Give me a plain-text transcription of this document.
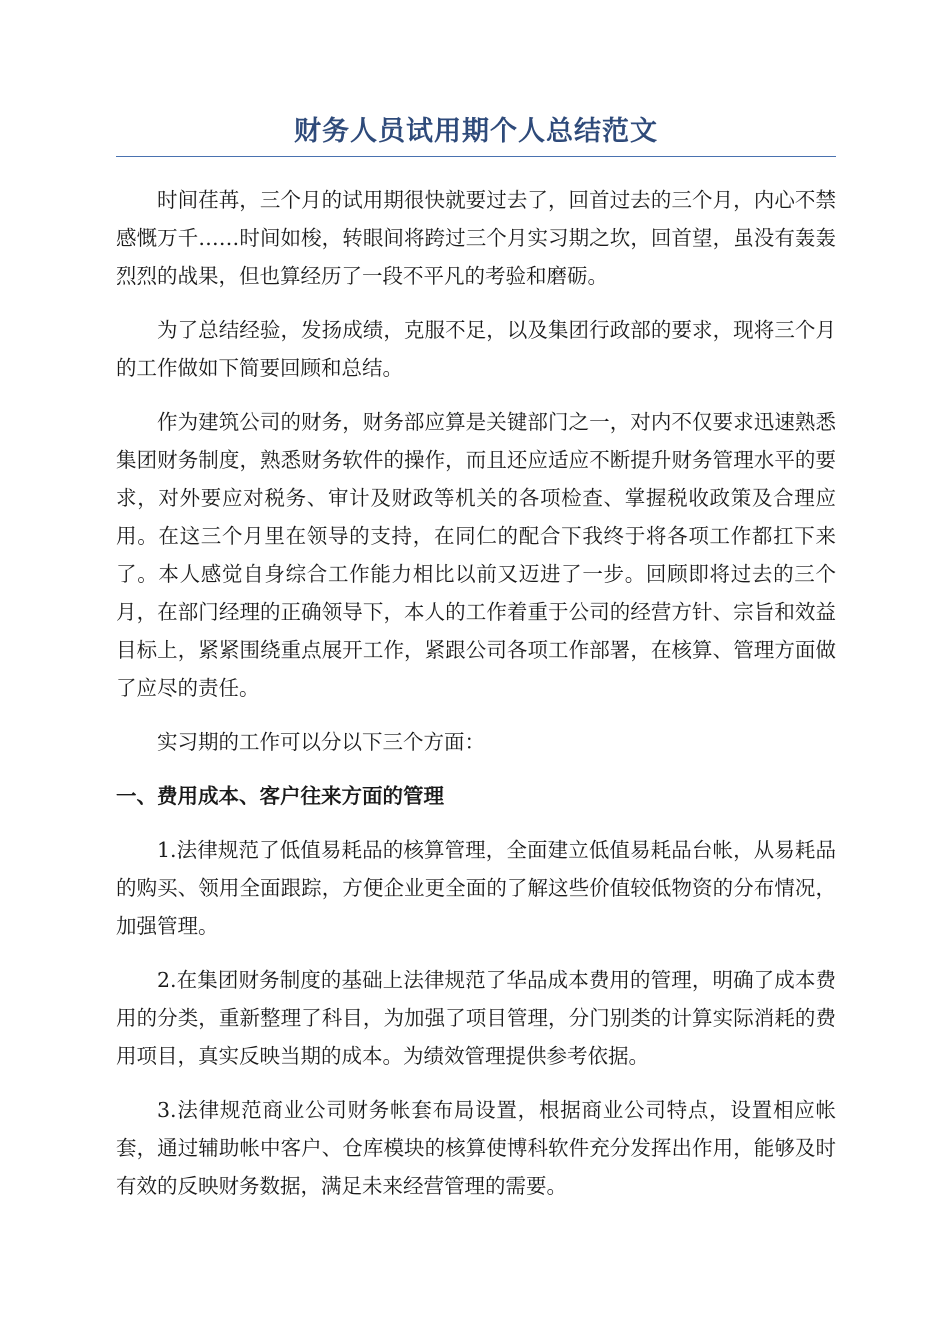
财务人员试用期个人总结范文

时间荏苒，三个月的试用期很快就要过去了，回首过去的三个月，内心不禁感慨万千……时间如梭，转眼间将跨过三个月实习期之坎，回首望，虽没有轰轰烈烈的战果，但也算经历了一段不平凡的考验和磨砺。

为了总结经验，发扬成绩，克服不足，以及集团行政部的要求，现将三个月的工作做如下简要回顾和总结。

作为建筑公司的财务，财务部应算是关键部门之一，对内不仅要求迅速熟悉集团财务制度，熟悉财务软件的操作，而且还应适应不断提升财务管理水平的要求，对外要应对税务、审计及财政等机关的各项检查、掌握税收政策及合理应用。在这三个月里在领导的支持，在同仁的配合下我终于将各项工作都扛下来了。本人感觉自身综合工作能力相比以前又迈进了一步。回顾即将过去的三个月，在部门经理的正确领导下，本人的工作着重于公司的经营方针、宗旨和效益目标上，紧紧围绕重点展开工作，紧跟公司各项工作部署，在核算、管理方面做了应尽的责任。

实习期的工作可以分以下三个方面：

一、费用成本、客户往来方面的管理

1.法律规范了低值易耗品的核算管理，全面建立低值易耗品台帐，从易耗品的购买、领用全面跟踪，方便企业更全面的了解这些价值较低物资的分布情况，加强管理。

2.在集团财务制度的基础上法律规范了华品成本费用的管理，明确了成本费用的分类，重新整理了科目，为加强了项目管理，分门别类的计算实际消耗的费用项目，真实反映当期的成本。为绩效管理提供参考依据。

3.法律规范商业公司财务帐套布局设置，根据商业公司特点，设置相应帐套，通过辅助帐中客户、仓库模块的核算使博科软件充分发挥出作用，能够及时有效的反映财务数据，满足未来经营管理的需要。
